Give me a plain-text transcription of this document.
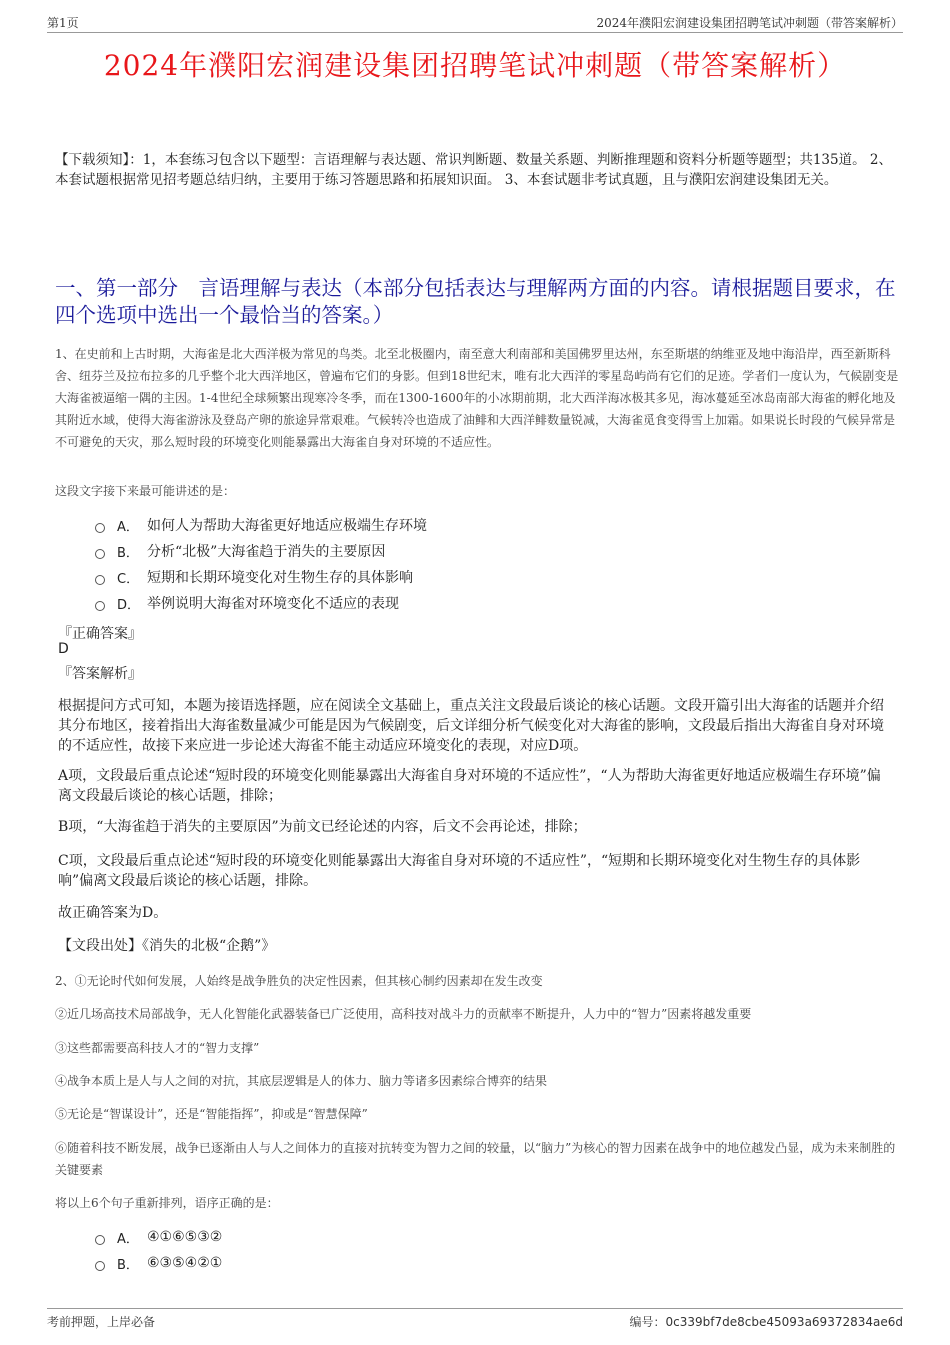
第1页	2024年濮阳宏润建设集团招聘笔试冲刺题（带答案解析）
2024年濮阳宏润建设集团招聘笔试冲刺题（带答案解析）
【下载须知】：1，本套练习包含以下题型：言语理解与表达题、常识判断题、数量关系题、判断推理题和资料分析题等题型；共135道。 2、本套试题根据常见招考题总结归纳，主要用于练习答题思路和拓展知识面。 3、本套试题非考试真题，且与濮阳宏润建设集团无关。
一、第一部分　言语理解与表达（本部分包括表达与理解两方面的内容。请根据题目要求，在四个选项中选出一个最恰当的答案。）
1、在史前和上古时期，大海雀是北大西洋极为常见的鸟类。北至北极圈内，南至意大利南部和美国佛罗里达州，东至斯堪的纳维亚及地中海沿岸，西至新斯科舍、纽芬兰及拉布拉多的几乎整个北大西洋地区，曾遍布它们的身影。但到18世纪末，唯有北大西洋的零星岛屿尚有它们的足迹。学者们一度认为，气候剧变是大海雀被逼缩一隅的主因。1-4世纪全球频繁出现寒冷冬季，而在1300-1600年的小冰期前期，北大西洋海冰极其多见，海冰蔓延至冰岛南部大海雀的孵化地及其附近水域，使得大海雀游泳及登岛产卵的旅途异常艰难。气候转冷也造成了油鲱和大西洋鲱数量锐减，大海雀觅食变得雪上加霜。如果说长时段的气候异常是不可避免的天灾，那么短时段的环境变化则能暴露出大海雀自身对环境的不适应性。
这段文字接下来最可能讲述的是：
A． 如何人为帮助大海雀更好地适应极端生存环境
B． 分析“北极”大海雀趋于消失的主要原因
C． 短期和长期环境变化对生物生存的具体影响
D． 举例说明大海雀对环境变化不适应的表现
『正确答案』
D
『答案解析』
根据提问方式可知，本题为接语选择题，应在阅读全文基础上，重点关注文段最后谈论的核心话题。文段开篇引出大海雀的话题并介绍其分布地区，接着指出大海雀数量减少可能是因为气候剧变，后文详细分析气候变化对大海雀的影响，文段最后指出大海雀自身对环境的不适应性，故接下来应进一步论述大海雀不能主动适应环境变化的表现，对应D项。
A项，文段最后重点论述“短时段的环境变化则能暴露出大海雀自身对环境的不适应性”，“人为帮助大海雀更好地适应极端生存环境”偏离文段最后谈论的核心话题，排除；
B项，“大海雀趋于消失的主要原因”为前文已经论述的内容，后文不会再论述，排除；
C项，文段最后重点论述“短时段的环境变化则能暴露出大海雀自身对环境的不适应性”，“短期和长期环境变化对生物生存的具体影响”偏离文段最后谈论的核心话题，排除。
故正确答案为D。
【文段出处】《消失的北极“企鹅”》
2、①无论时代如何发展，人始终是战争胜负的决定性因素，但其核心制约因素却在发生改变
②近几场高技术局部战争，无人化智能化武器装备已广泛使用，高科技对战斗力的贡献率不断提升，人力中的“智力”因素将越发重要
③这些都需要高科技人才的“智力支撑”
④战争本质上是人与人之间的对抗，其底层逻辑是人的体力、脑力等诸多因素综合博弈的结果
⑤无论是“智谋设计”，还是“智能指挥”，抑或是“智慧保障”
⑥随着科技不断发展，战争已逐渐由人与人之间体力的直接对抗转变为智力之间的较量，以“脑力”为核心的智力因素在战争中的地位越发凸显，成为未来制胜的关键要素
将以上6个句子重新排列，语序正确的是：
A． ④①⑥⑤③②
B． ⑥③⑤④②①
考前押题，上岸必备	编号：0c339bf7de8cbe45093a69372834ae6d
